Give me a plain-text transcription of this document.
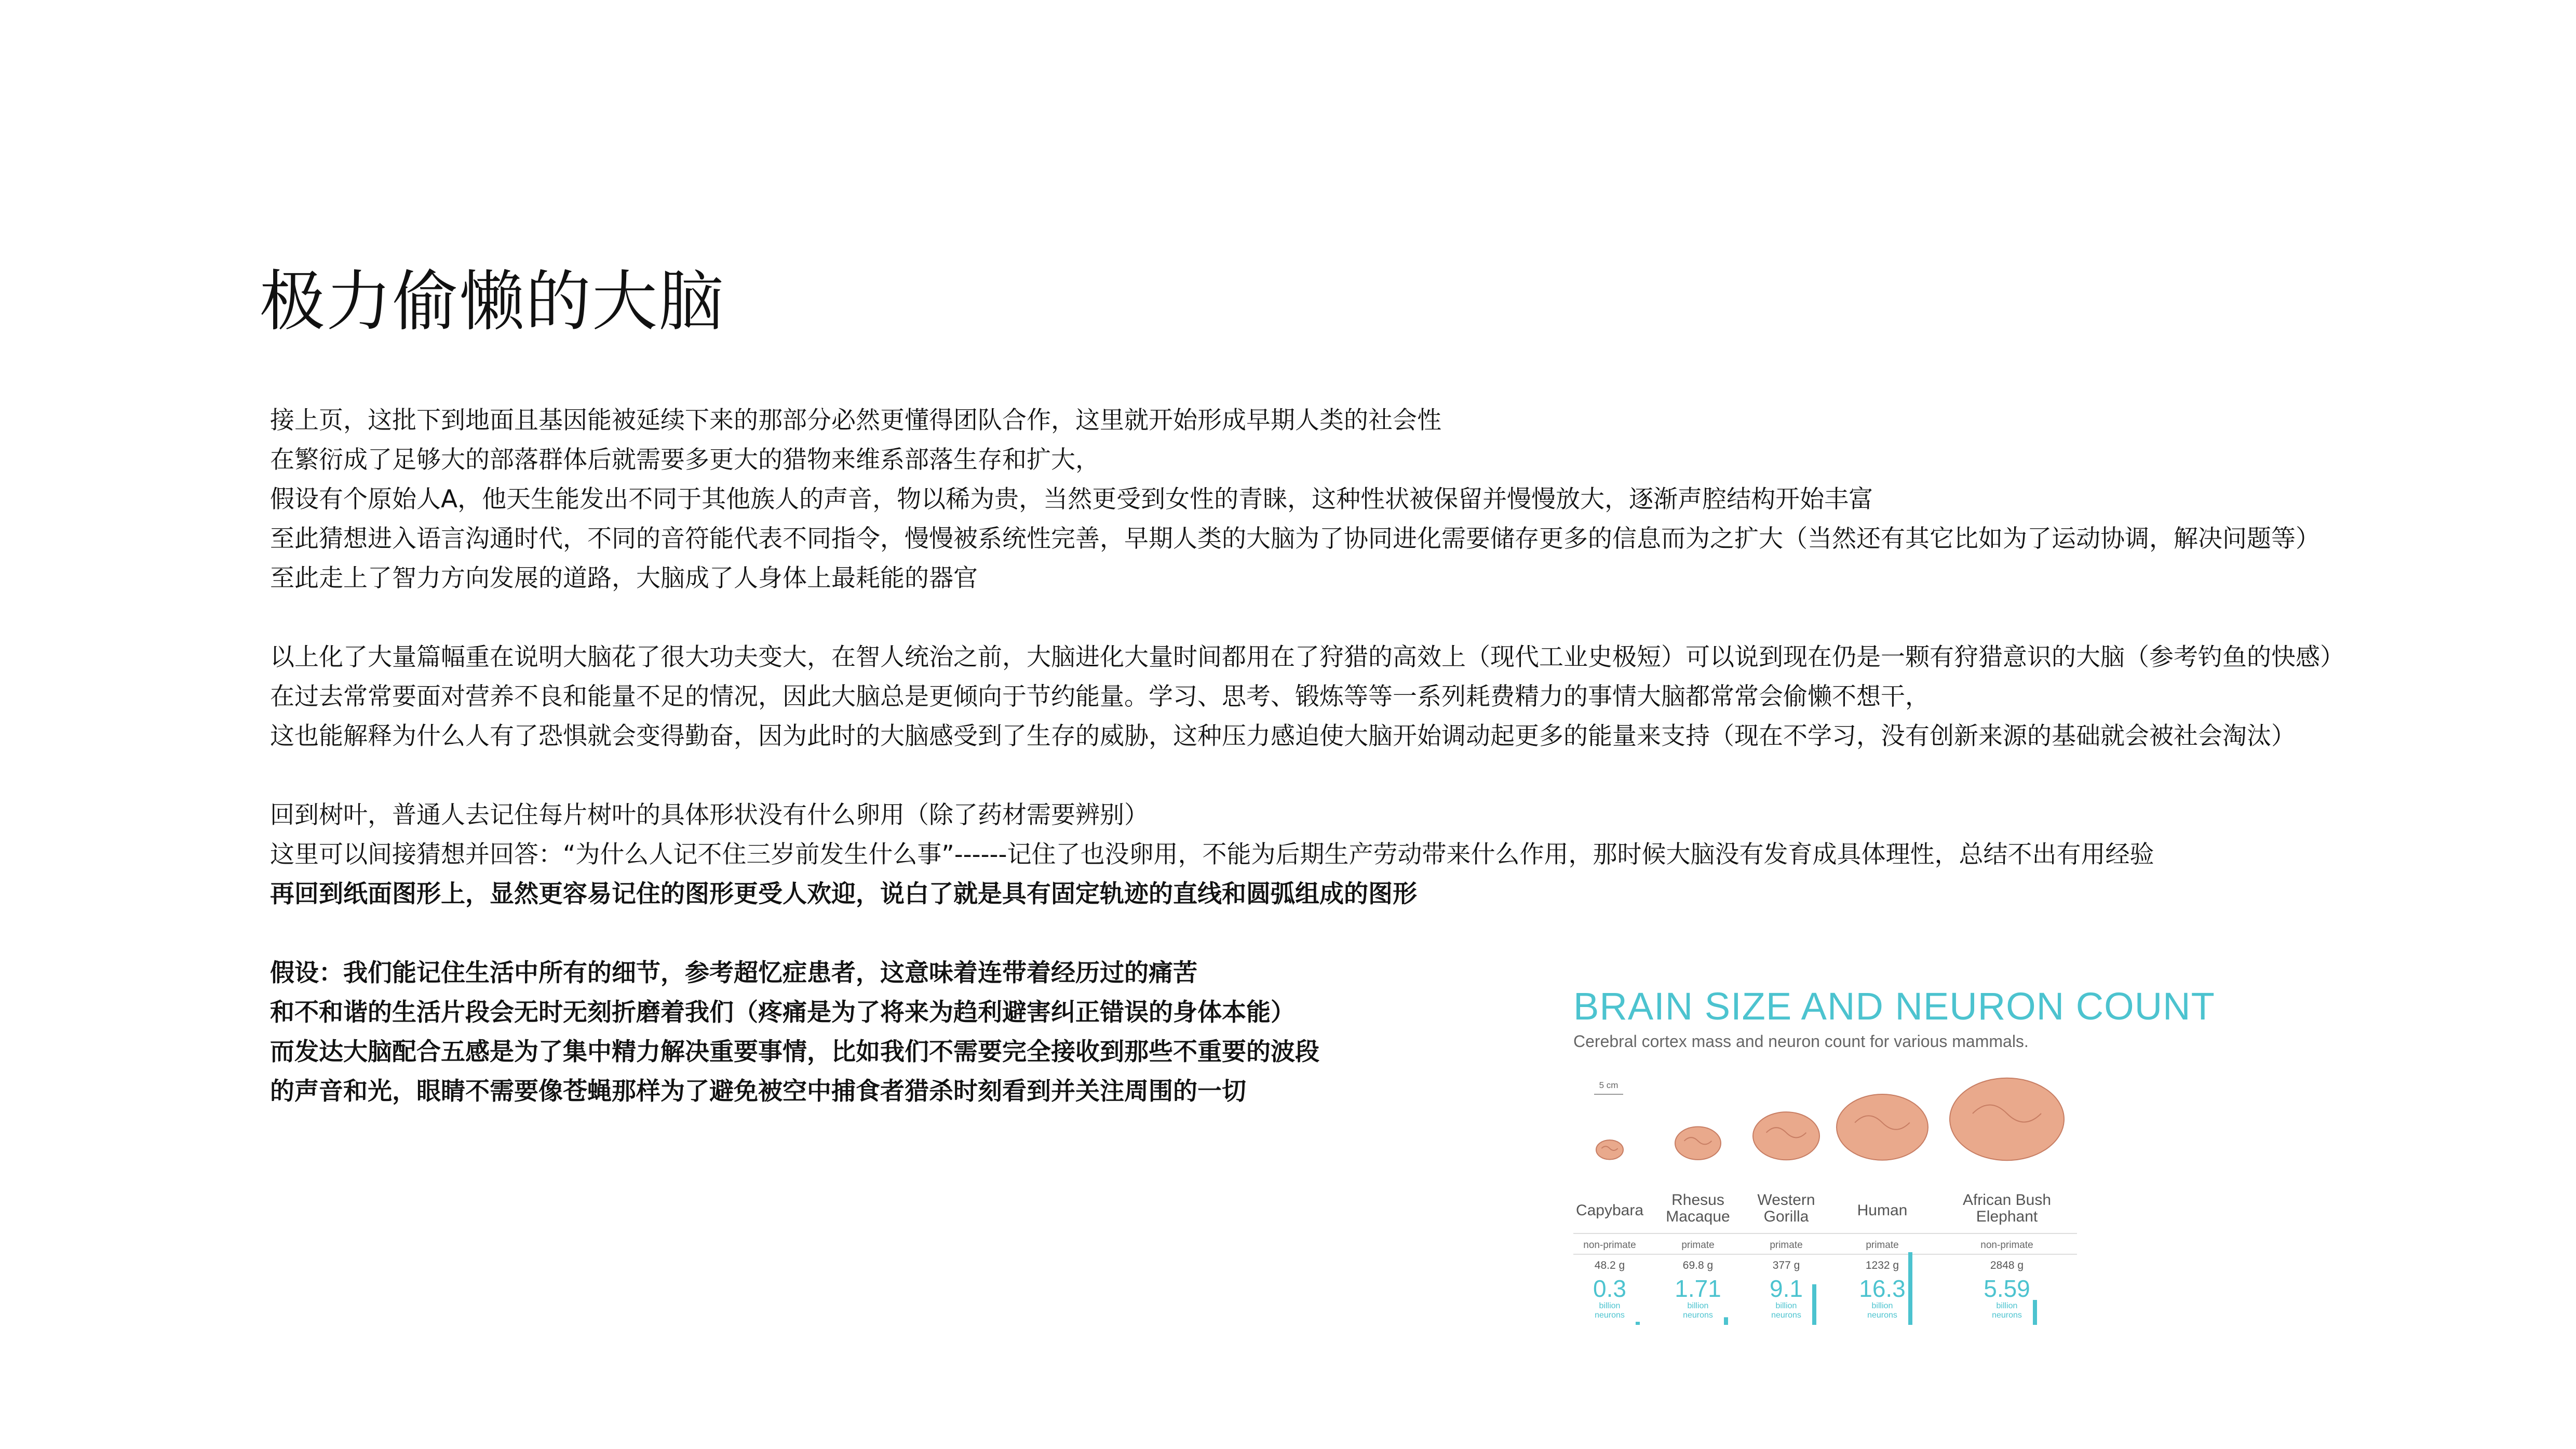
极力偷懒的大脑
接上页，这批下到地面且基因能被延续下来的那部分必然更懂得团队合作，这里就开始形成早期人类的社会性
在繁衍成了足够大的部落群体后就需要多更大的猎物来维系部落生存和扩大，
假设有个原始人A，他天生能发出不同于其他族人的声音，物以稀为贵，当然更受到女性的青睐，这种性状被保留并慢慢放大，逐渐声腔结构开始丰富
至此猜想进入语言沟通时代，不同的音符能代表不同指令，慢慢被系统性完善，早期人类的大脑为了协同进化需要储存更多的信息而为之扩大（当然还有其它比如为了运动协调，解决问题等）
至此走上了智力方向发展的道路，大脑成了人身体上最耗能的器官
以上化了大量篇幅重在说明大脑花了很大功夫变大，在智人统治之前，大脑进化大量时间都用在了狩猎的高效上（现代工业史极短）可以说到现在仍是一颗有狩猎意识的大脑（参考钓鱼的快感）
在过去常常要面对营养不良和能量不足的情况，因此大脑总是更倾向于节约能量。学习、思考、锻炼等等一系列耗费精力的事情大脑都常常会偷懒不想干，
这也能解释为什么人有了恐惧就会变得勤奋，因为此时的大脑感受到了生存的威胁，这种压力感迫使大脑开始调动起更多的能量来支持（现在不学习，没有创新来源的基础就会被社会淘汰）
回到树叶，普通人去记住每片树叶的具体形状没有什么卵用（除了药材需要辨别）
这里可以间接猜想并回答：“为什么人记不住三岁前发生什么事”------记住了也没卵用，不能为后期生产劳动带来什么作用，那时候大脑没有发育成具体理性，总结不出有用经验
再回到纸面图形上，显然更容易记住的图形更受人欢迎，说白了就是具有固定轨迹的直线和圆弧组成的图形
假设：我们能记住生活中所有的细节，参考超忆症患者，这意味着连带着经历过的痛苦
和不和谐的生活片段会无时无刻折磨着我们（疼痛是为了将来为趋利避害纠正错误的身体本能）
而发达大脑配合五感是为了集中精力解决重要事情，比如我们不需要完全接收到那些不重要的波段
的声音和光，眼睛不需要像苍蝇那样为了避免被空中捕食者猎杀时刻看到并关注周围的一切
BRAIN SIZE AND NEURON COUNT
Cerebral cortex mass and neuron count for various mammals.
5 cm
Capybara
non-primate
48.2 g
0.3
billion
neurons
Rhesus
Macaque
primate
69.8 g
1.71
billion
neurons
Western
Gorilla
primate
377 g
9.1
billion
neurons
Human
primate
1232 g
16.3
billion
neurons
African Bush
Elephant
non-primate
2848 g
5.59
billion
neurons
